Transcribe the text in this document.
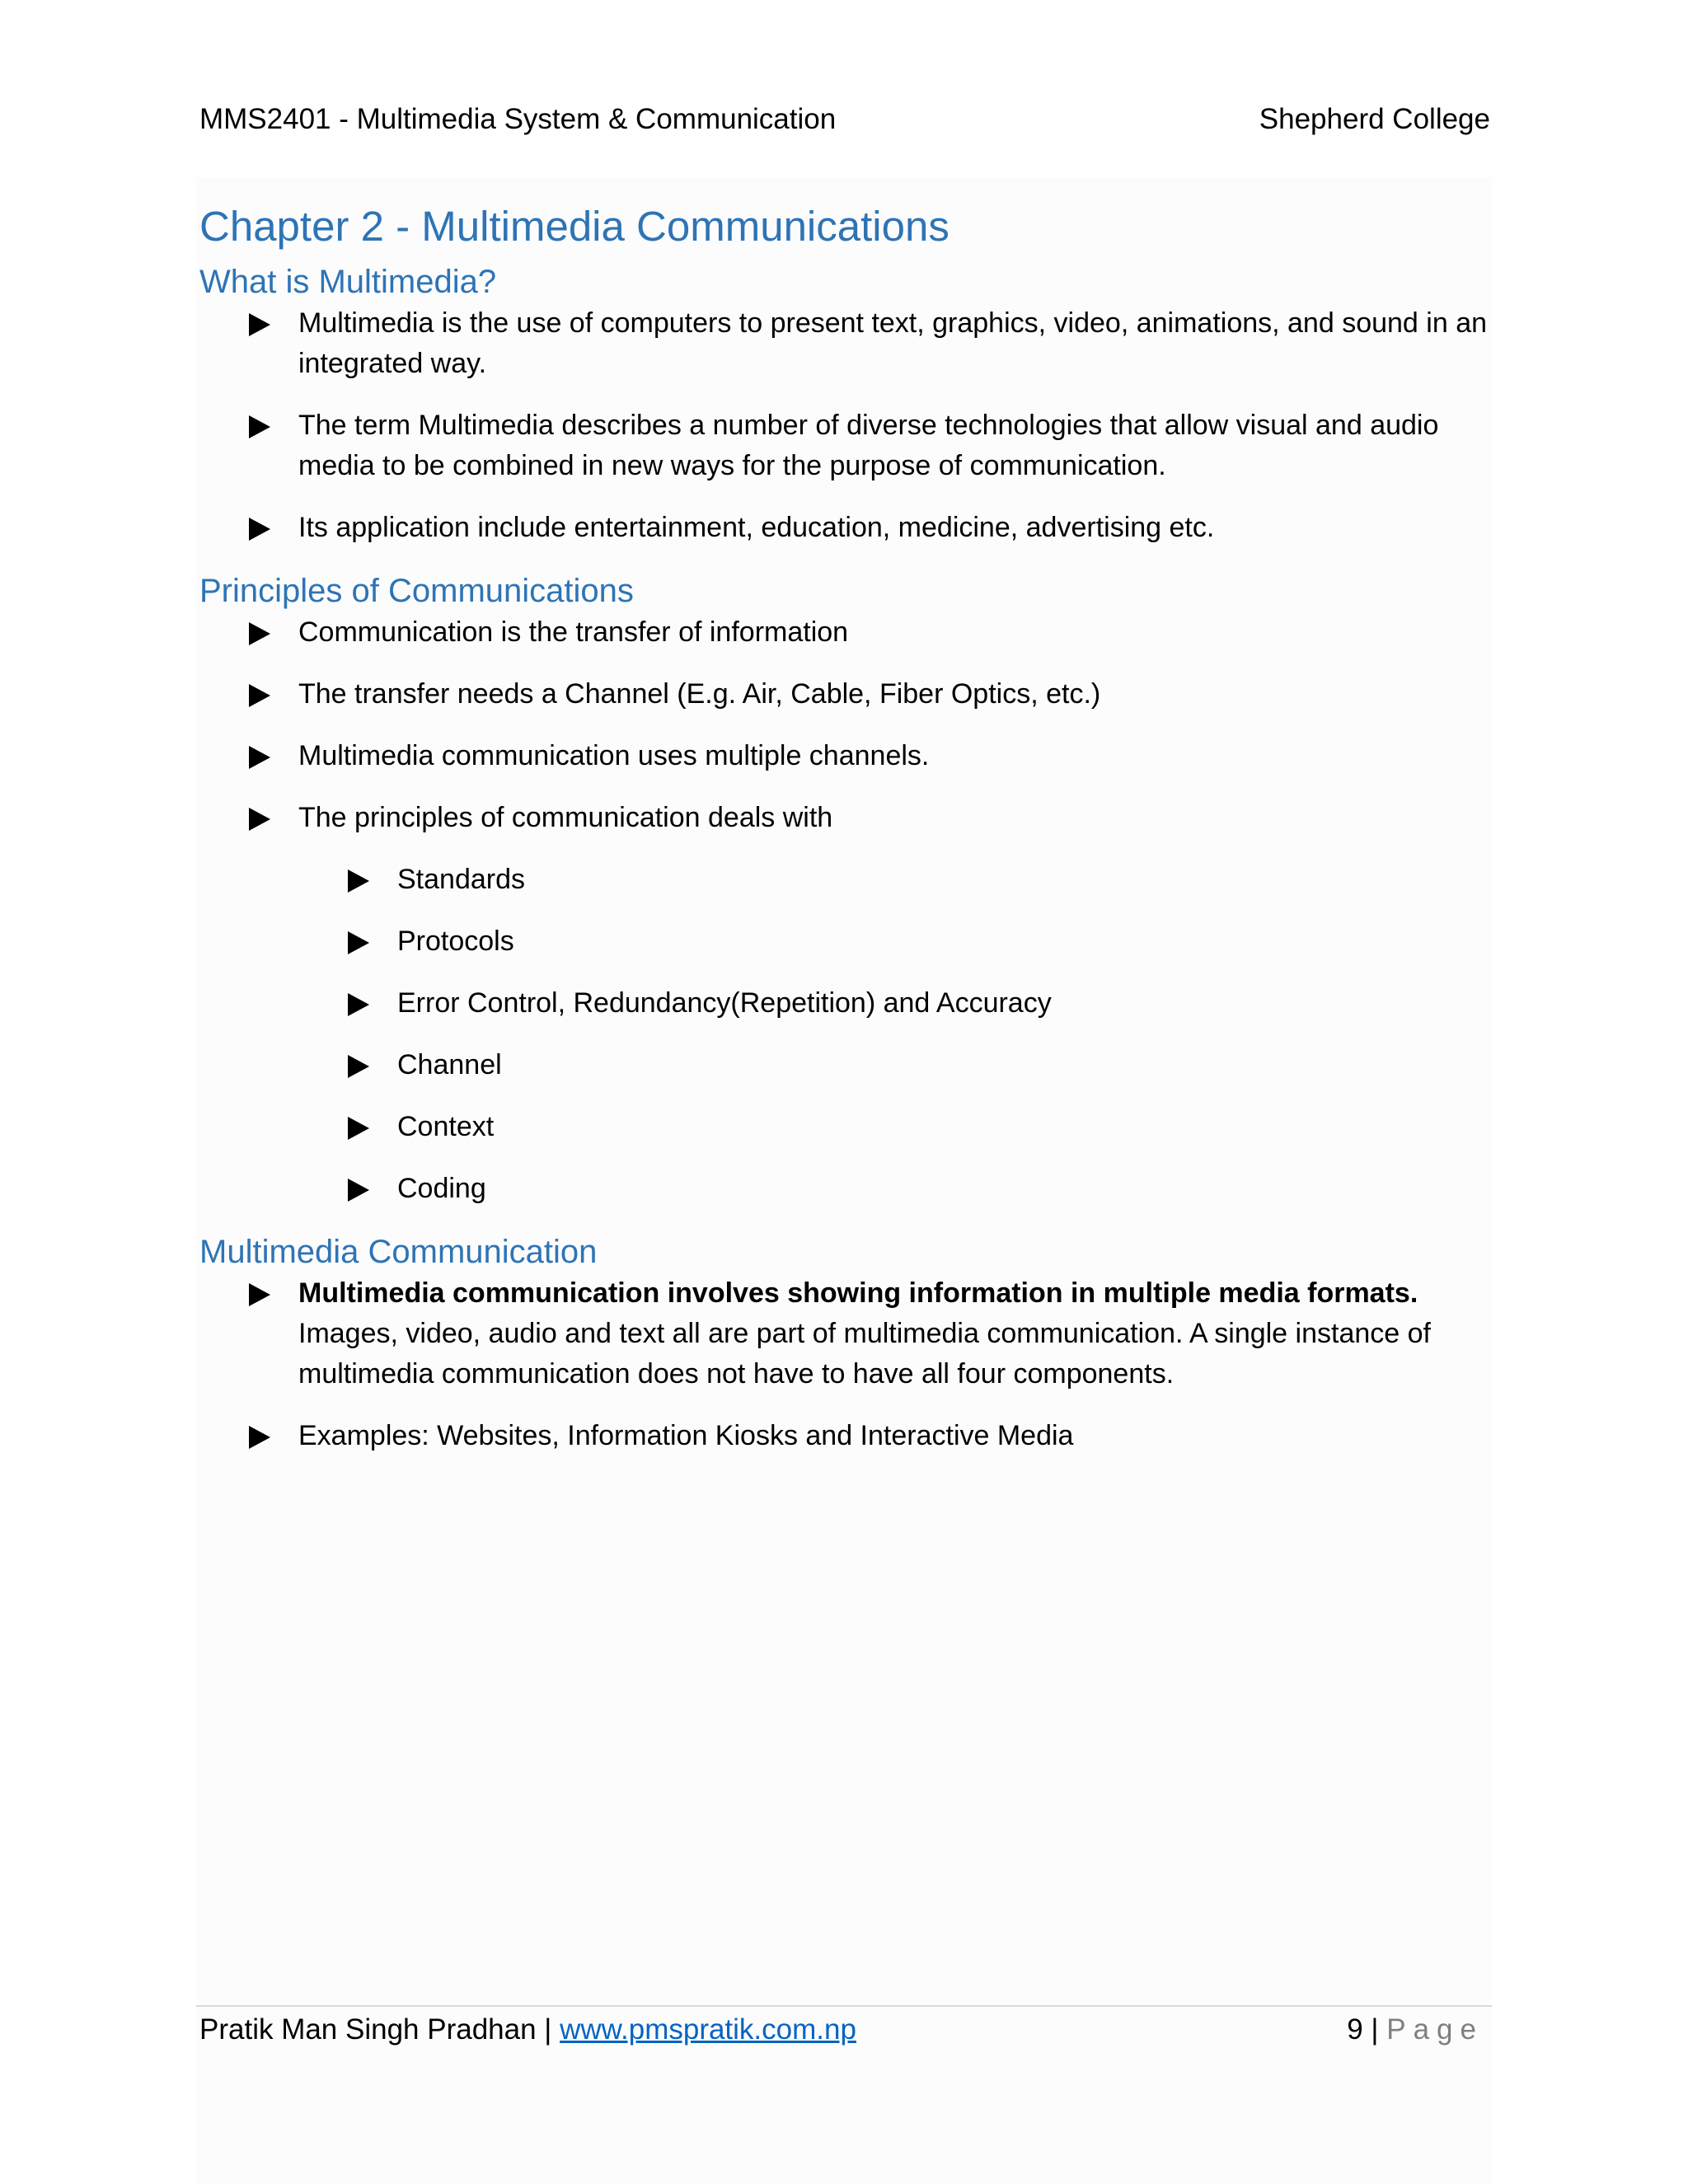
MMS2401 - Multimedia System & Communication	Shepherd College
Chapter 2 - Multimedia Communications
What is Multimedia?
Multimedia is the use of computers to present text, graphics, video, animations, and sound in an integrated way.
The term Multimedia describes a number of diverse technologies that allow visual and audio media to be combined in new ways for the purpose of communication.
Its application include entertainment, education, medicine, advertising etc.
Principles of Communications
Communication is the transfer of information
The transfer needs a Channel (E.g. Air, Cable, Fiber Optics, etc.)
Multimedia communication uses multiple channels.
The principles of communication deals with
Standards
Protocols
Error Control, Redundancy(Repetition) and Accuracy
Channel
Context
Coding
Multimedia Communication
Multimedia communication involves showing information in multiple media formats. Images, video, audio and text all are part of multimedia communication. A single instance of multimedia communication does not have to have all four components.
Examples: Websites, Information Kiosks and Interactive Media
Pratik Man Singh Pradhan | www.pmspratik.com.np	9 | Page
